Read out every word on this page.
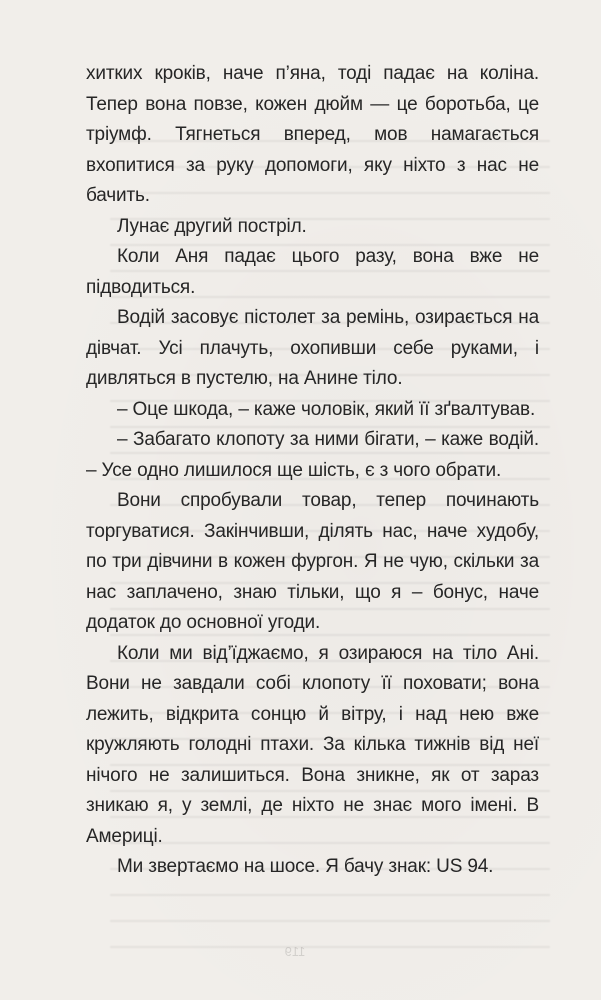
хиткиx кроків, наче п’яна, тоді падає на коліна. Тепер вона повзе, кожен дюйм — це боротьба, це тріумф. Тягнеться вперед, мов намагається вхопитися за руку допомоги, яку ніхто з нас не бачить.

Лунає другий постріл.

Коли Аня падає цього разу, вона вже не підводиться.

Водій засовує пістолет за ремінь, озирається на дівчат. Усі плачуть, охопивши себе руками, і дивляться в пустелю, на Анине тіло.

– Оце шкода, – каже чоловік, який її зґвалтував.

– Забагато клопоту за ними бігати, – каже водій. – Усе одно лишилося ще шість, є з чого обрати.

Вони спробували товар, тепер починають торгуватися. Закінчивши, ділять нас, наче худобу, по три дівчини в кожен фургон. Я не чую, скільки за нас заплачено, знаю тільки, що я – бонус, наче додаток до основної угоди.

Коли ми від’їджаємо, я озираюся на тіло Ані. Вони не завдали собі клопоту її поховати; вона лежить, відкрита сонцю й вітру, і над нею вже кружляють голодні птахи. За кілька тижнів від неї нічого не залишиться. Вона зникне, як от зараз зникаю я, у землі, де ніхто не знає мого імені. В Америці.

Ми звертаємо на шосе. Я бачу знак: US 94.

119
